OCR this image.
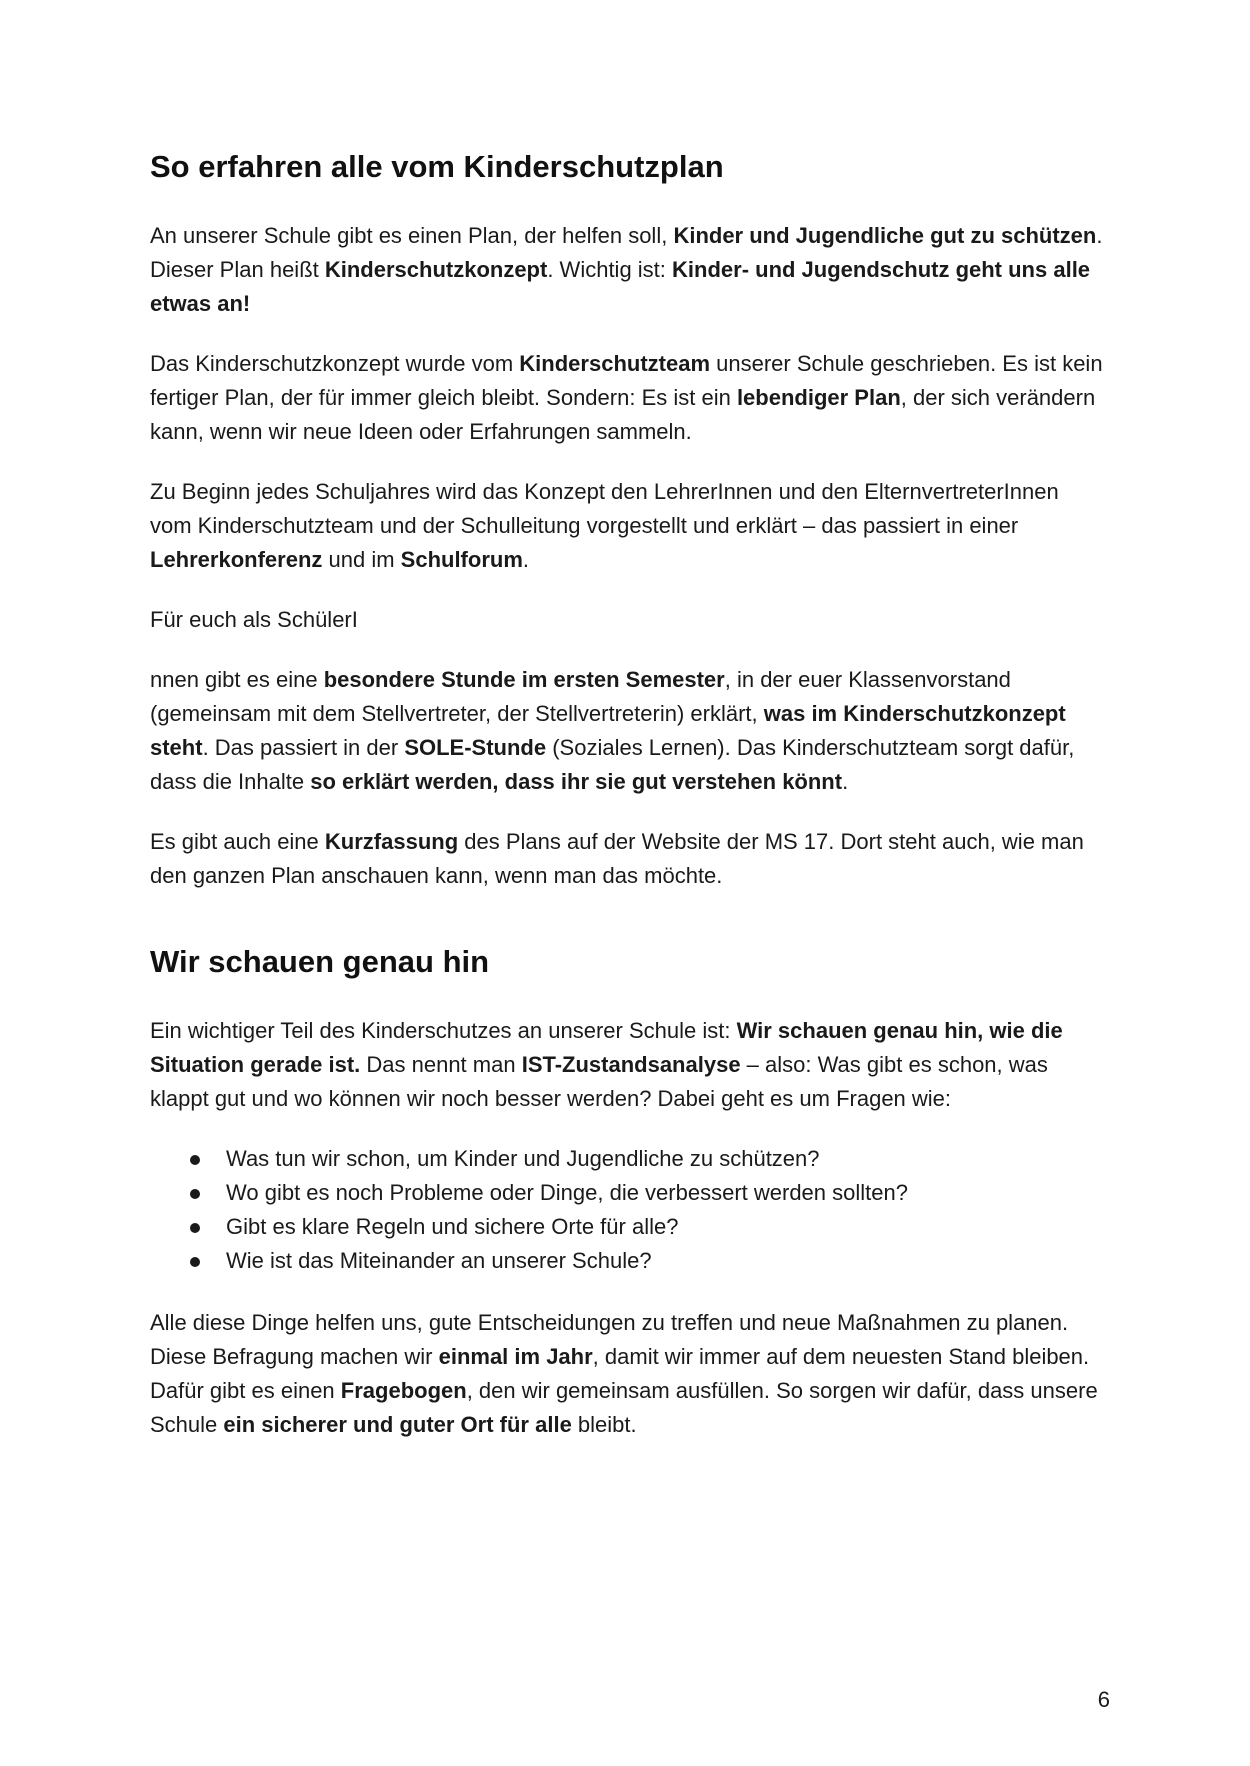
So erfahren alle vom Kinderschutzplan

An unserer Schule gibt es einen Plan, der helfen soll, Kinder und Jugendliche gut zu schützen. Dieser Plan heißt Kinderschutzkonzept. Wichtig ist: Kinder- und Jugendschutz geht uns alle etwas an!

Das Kinderschutzkonzept wurde vom Kinderschutzteam unserer Schule geschrieben. Es ist kein fertiger Plan, der für immer gleich bleibt. Sondern: Es ist ein lebendiger Plan, der sich verändern kann, wenn wir neue Ideen oder Erfahrungen sammeln.

Zu Beginn jedes Schuljahres wird das Konzept den LehrerInnen und den ElternvertreterInnen vom Kinderschutzteam und der Schulleitung vorgestellt und erklärt – das passiert in einer Lehrerkonferenz und im Schulforum.

Für euch als SchülerI

nnen gibt es eine besondere Stunde im ersten Semester, in der euer Klassenvorstand (gemeinsam mit dem Stellvertreter, der Stellvertreterin) erklärt, was im Kinderschutzkonzept steht. Das passiert in der SOLE-Stunde (Soziales Lernen). Das Kinderschutzteam sorgt dafür, dass die Inhalte so erklärt werden, dass ihr sie gut verstehen könnt.

Es gibt auch eine Kurzfassung des Plans auf der Website der MS 17. Dort steht auch, wie man den ganzen Plan anschauen kann, wenn man das möchte.

Wir schauen genau hin

Ein wichtiger Teil des Kinderschutzes an unserer Schule ist: Wir schauen genau hin, wie die Situation gerade ist. Das nennt man IST-Zustandsanalyse – also: Was gibt es schon, was klappt gut und wo können wir noch besser werden? Dabei geht es um Fragen wie:

Was tun wir schon, um Kinder und Jugendliche zu schützen?
Wo gibt es noch Probleme oder Dinge, die verbessert werden sollten?
Gibt es klare Regeln und sichere Orte für alle?
Wie ist das Miteinander an unserer Schule?

Alle diese Dinge helfen uns, gute Entscheidungen zu treffen und neue Maßnahmen zu planen. Diese Befragung machen wir einmal im Jahr, damit wir immer auf dem neuesten Stand bleiben. Dafür gibt es einen Fragebogen, den wir gemeinsam ausfüllen. So sorgen wir dafür, dass unsere Schule ein sicherer und guter Ort für alle bleibt.

6
